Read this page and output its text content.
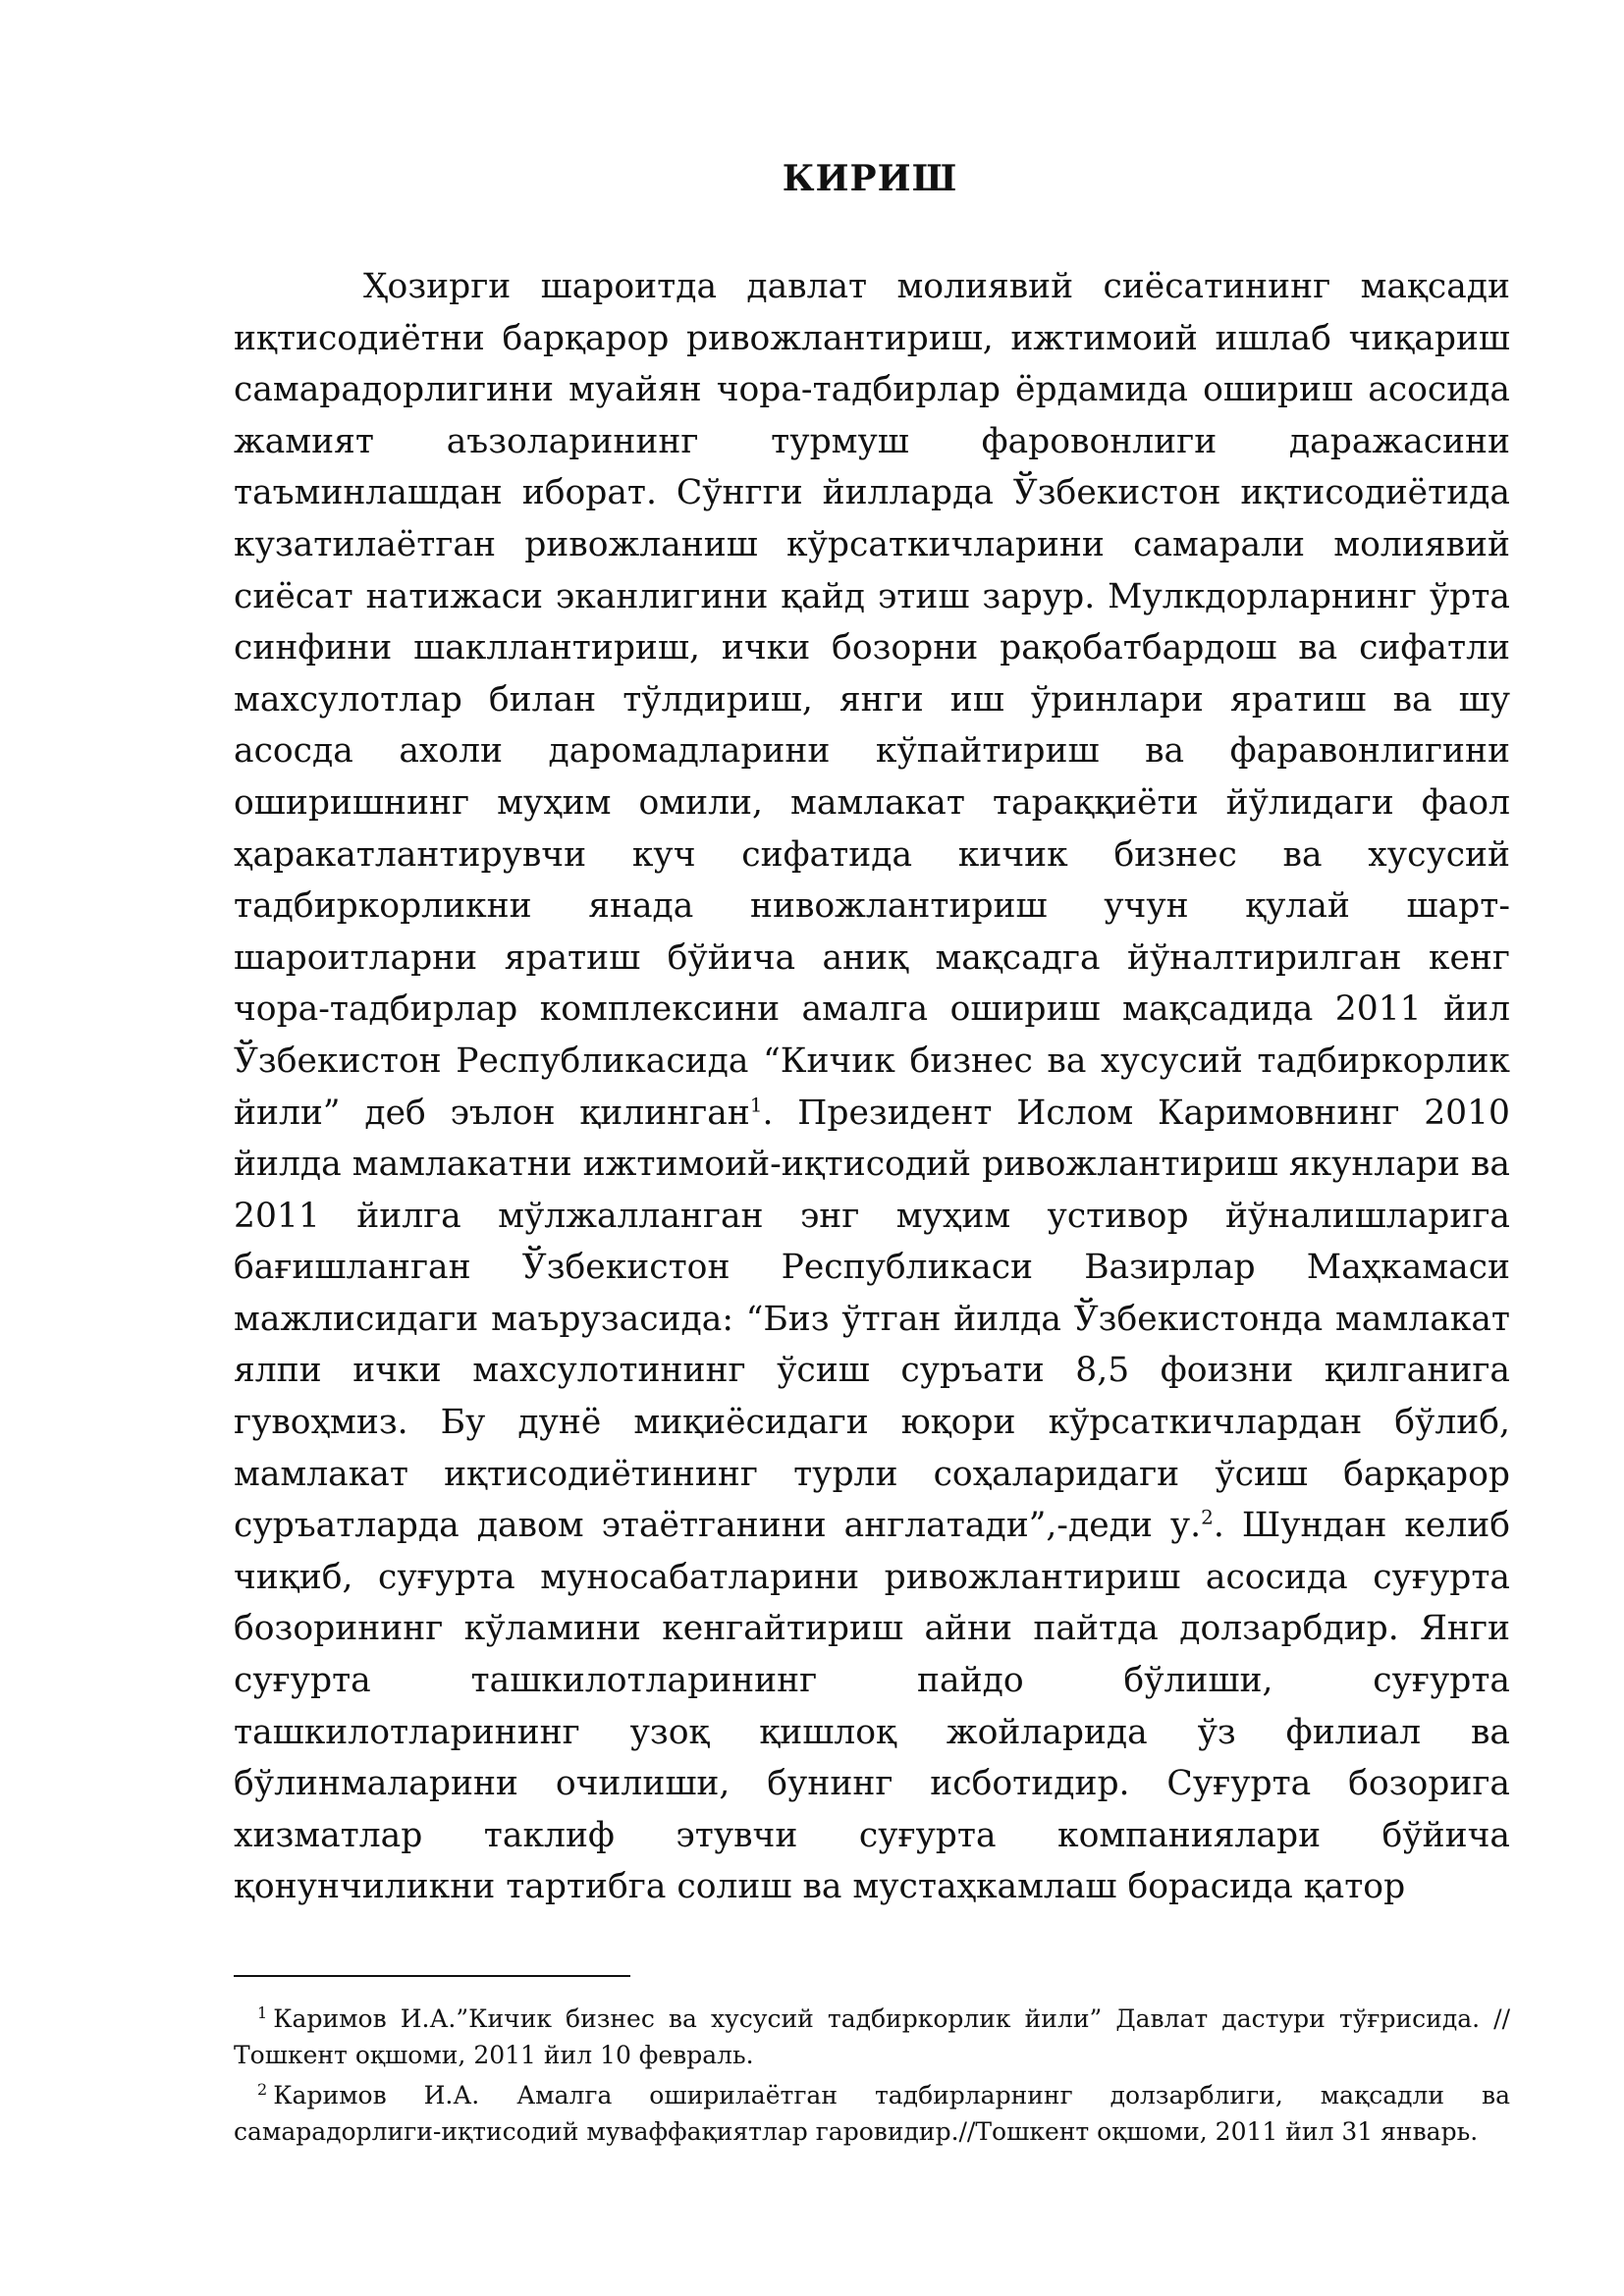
КИРИШ

Ҳозирги шароитда давлат молиявий сиёсатининг мақсади иқтисодиётни барқарор ривожлантириш, ижтимоий ишлаб чиқариш самарадорлигини муайян чора-тадбирлар ёрдамида ошириш асосида жамият аъзоларининг турмуш фаровонлиги даражасини таъминлашдан иборат. Сўнгги йилларда Ўзбекистон иқтисодиётида кузатилаётган ривожланиш кўрсаткичларини самарали молиявий сиёсат натижаси эканлигини қайд этиш зарур. Мулкдорларнинг ўрта синфини шакллантириш, ички бозорни рақобатбардош ва сифатли махсулотлар билан тўлдириш, янги иш ўринлари яратиш ва шу асосда ахоли даромадларини кўпайтириш ва фаравонлигини оширишнинг муҳим омили, мамлакат тараққиёти йўлидаги фаол ҳаракатлантирувчи куч сифатида кичик бизнес ва хусусий тадбиркорликни янада нивожлантириш учун қулай шарт-шароитларни яратиш бўйича аниқ мақсадга йўналтирилган кенг чора-тадбирлар комплексини амалга ошириш мақсадида 2011 йил Ўзбекистон Республикасида “Кичик бизнес ва хусусий тадбиркорлик йили” деб эълон қилинган$^1$. Президент Ислом Каримовнинг 2010 йилда мамлакатни ижтимоий-иқтисодий ривожлантириш якунлари ва 2011 йилга мўлжалланган энг муҳим устивор йўналишларига бағишланган Ўзбекистон Республикаси Вазирлар Маҳкамаси мажлисидаги маърузасида: “Биз ўтган йилда Ўзбекистонда мамлакат ялпи ички махсулотининг ўсиш суръати 8,5 фоизни қилганига гувоҳмиз. Бу дунё миқиёсидаги юқори кўрсаткичлардан бўлиб, мамлакат иқтисодиётининг турли соҳаларидаги ўсиш барқарор суръатларда давом этаётганини англатади”,-деди у.$^2$. Шундан келиб чиқиб, суғурта муносабатларини ривожлантириш асосида суғурта бозорининг кўламини кенгайтириш айни пайтда долзарбдир. Янги суғурта ташкилотларининг пайдо бўлиши, суғурта ташкилотларининг узоқ қишлоқ жойларида ўз филиал ва бўлинмаларини очилиши, бунинг исботидир. Суғурта бозорига хизматлар таклиф этувчи суғурта компаниялари бўйича қонунчиликни тартибга солиш ва мустаҳкамлаш борасида қатор

$^1$ Каримов И.А.”Кичик бизнес ва хусусий тадбиркорлик йили” Давлат дастури тўғрисида. //Тошкент оқшоми, 2011 йил 10 февраль.

$^2$ Каримов И.А. Амалга оширилаётган тадбирларнинг долзарблиги, мақсадли ва самарадорлиги-иқтисодий муваффақиятлар гаровидир.//Тошкент оқшоми, 2011 йил 31 январь.
